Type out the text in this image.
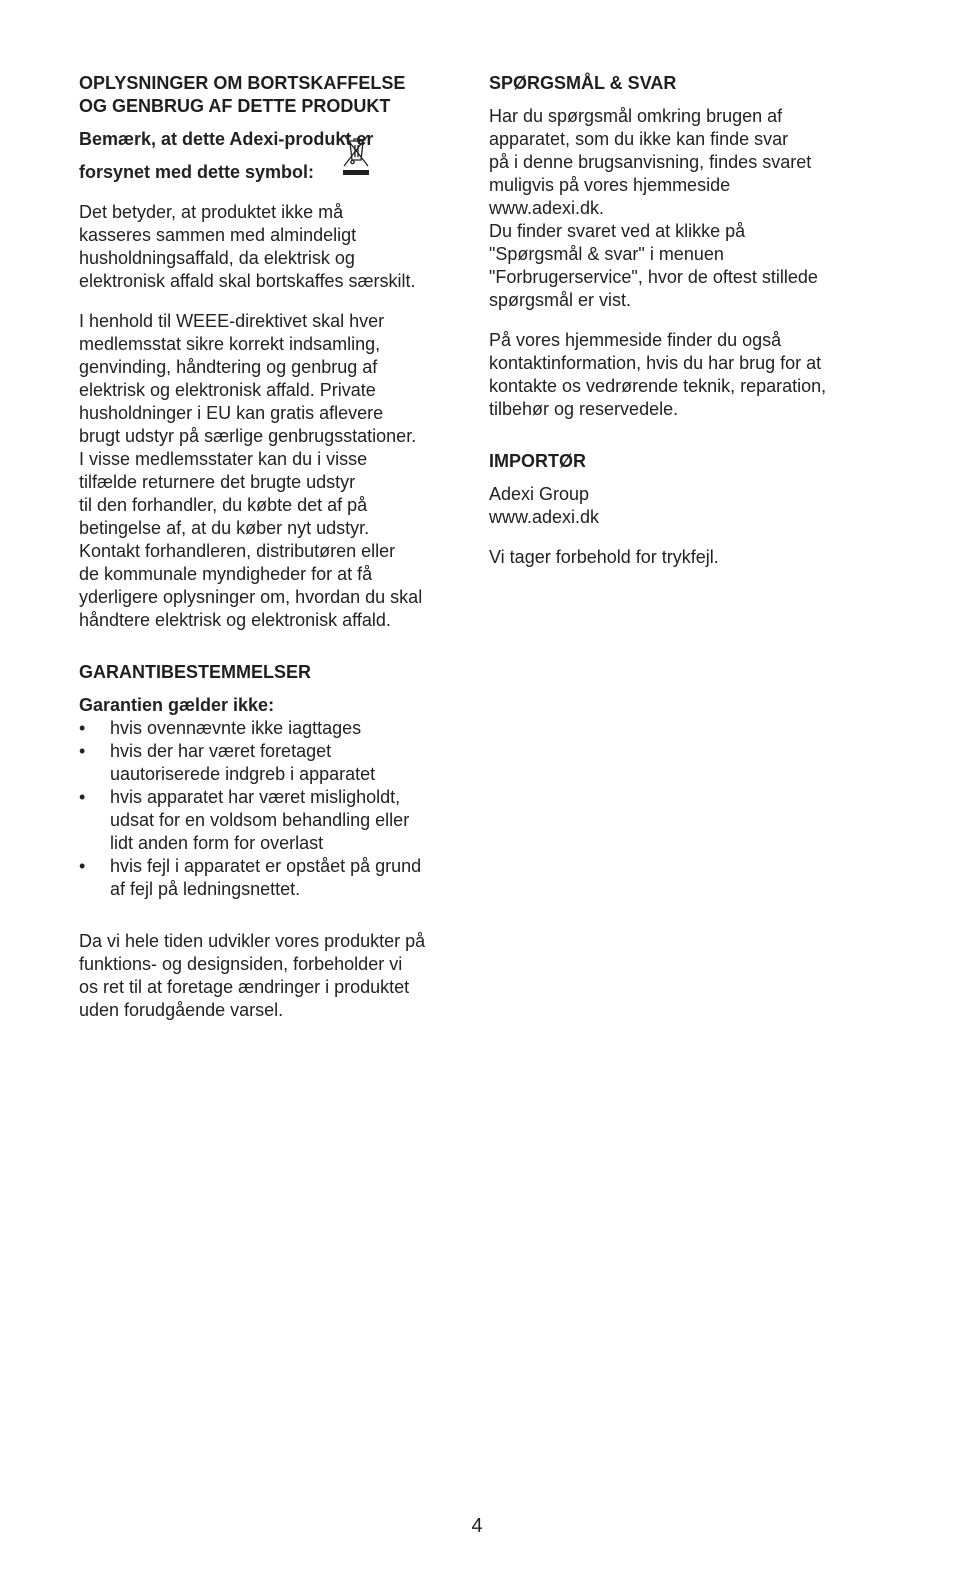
OPLYSNINGER OM BORTSKAFFELSE
OG GENBRUG AF DETTE PRODUKT
Bemærk, at dette Adexi-produkt er
forsynet med dette symbol:
Det betyder, at produktet ikke må
kasseres sammen med almindeligt
husholdningsaffald, da elektrisk og
elektronisk affald skal bortskaffes særskilt.
I henhold til WEEE-direktivet skal hver
medlemsstat sikre korrekt indsamling,
genvinding, håndtering og genbrug af
elektrisk og elektronisk affald. Private
husholdninger i EU kan gratis aflevere
brugt udstyr på særlige genbrugsstationer.
I visse medlemsstater kan du i visse
tilfælde returnere det brugte udstyr
til den forhandler, du købte det af på
betingelse af, at du køber nyt udstyr.
Kontakt forhandleren, distributøren eller
de kommunale myndigheder for at få
yderligere oplysninger om, hvordan du skal
håndtere elektrisk og elektronisk affald.
GARANTIBESTEMMELSER
Garantien gælder ikke:
• hvis ovennævnte ikke iagttages
• hvis der har været foretaget
uautoriserede indgreb i apparatet
• hvis apparatet har været misligholdt,
udsat for en voldsom behandling eller
lidt anden form for overlast
• hvis fejl i apparatet er opstået på grund
af fejl på ledningsnettet.
Da vi hele tiden udvikler vores produkter på
funktions- og designsiden, forbeholder vi
os ret til at foretage ændringer i produktet
uden forudgående varsel.
SPØRGSMÅL & SVAR
Har du spørgsmål omkring brugen af
apparatet, som du ikke kan finde svar
på i denne brugsanvisning, findes svaret
muligvis på vores hjemmeside
www.adexi.dk.
Du finder svaret ved at klikke på
"Spørgsmål & svar" i menuen
"Forbrugerservice", hvor de oftest stillede
spørgsmål er vist.
På vores hjemmeside finder du også
kontaktinformation, hvis du har brug for at
kontakte os vedrørende teknik, reparation,
tilbehør og reservedele.
IMPORTØR
Adexi Group
www.adexi.dk

Vi tager forbehold for trykfejl.

4
